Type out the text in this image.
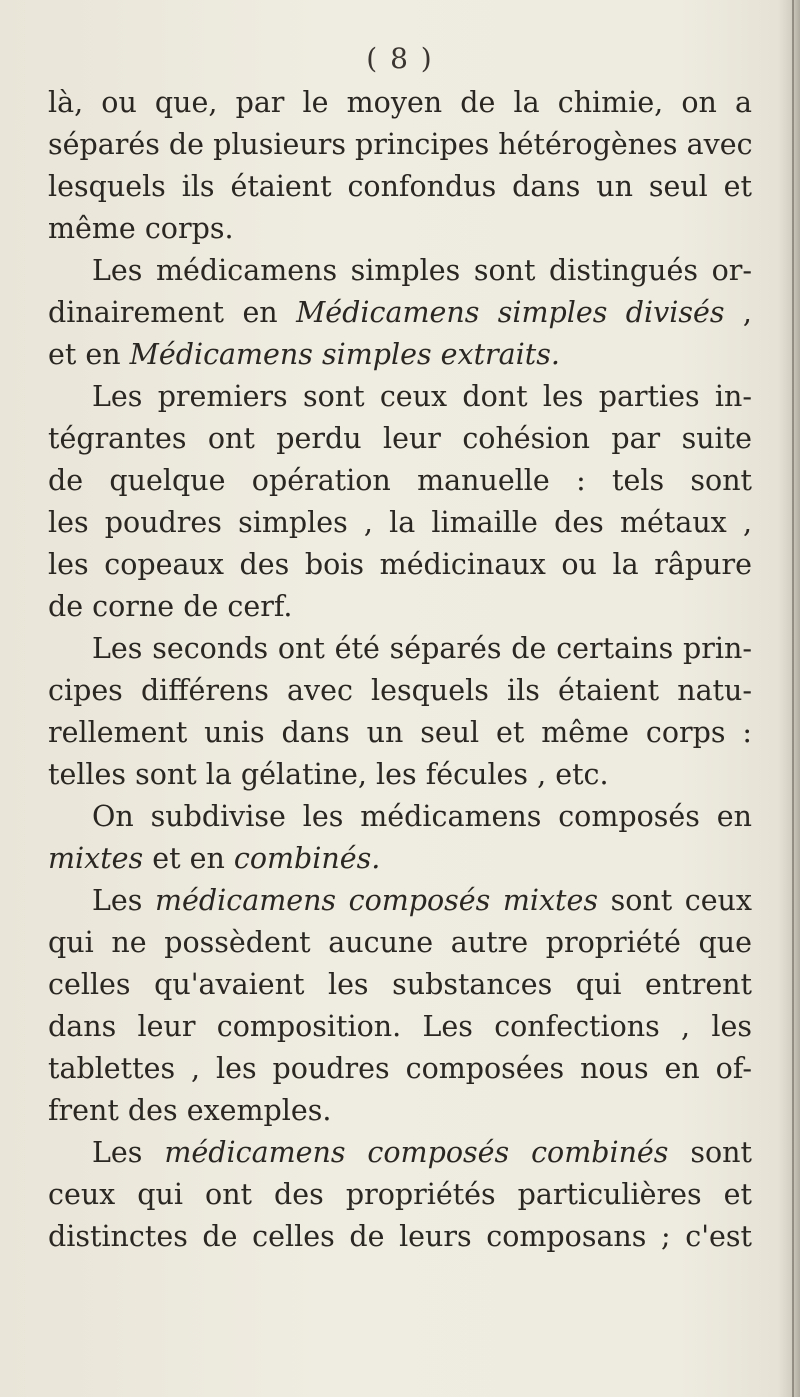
( 8 )
là, ou que, par le moyen de la chimie, on a
séparés de plusieurs principes hétérogènes avec
lesquels ils étaient confondus dans un seul et
même corps.
Les médicamens simples sont distingués or-
dinairement en Médicamens simples divisés ,
et en Médicamens simples extraits.
Les premiers sont ceux dont les parties in-
tégrantes ont perdu leur cohésion par suite
de quelque opération manuelle : tels sont
les poudres simples , la limaille des métaux ,
les copeaux des bois médicinaux ou la râpure
de corne de cerf.
Les seconds ont été séparés de certains prin-
cipes différens avec lesquels ils étaient natu-
rellement unis dans un seul et même corps :
telles sont la gélatine, les fécules , etc.
On subdivise les médicamens composés en
mixtes et en combinés.
Les médicamens composés mixtes sont ceux
qui ne possèdent aucune autre propriété que
celles qu'avaient les substances qui entrent
dans leur composition. Les confections , les
tablettes , les poudres composées nous en of-
frent des exemples.
Les médicamens composés combinés sont
ceux qui ont des propriétés particulières et
distinctes de celles de leurs composans ; c'est
